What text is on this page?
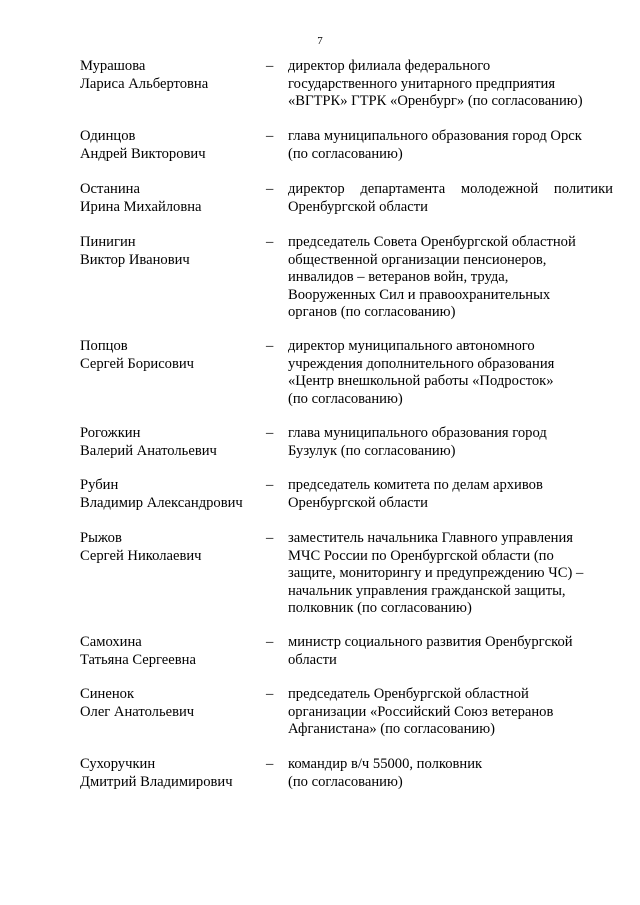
7
Мурашова
Лариса Альбертовна
– директор филиала федерального
государственного унитарного предприятия
«ВГТРК» ГТРК «Оренбург» (по согласованию)
Одинцов
Андрей Викторович
– глава муниципального образования город Орск
(по согласованию)
Останина
Ирина Михайловна
– директор департамента молодежной политики
Оренбургской области
Пинигин
Виктор Иванович
– председатель Совета Оренбургской областной
общественной организации пенсионеров,
инвалидов – ветеранов войн, труда,
Вооруженных Сил и правоохранительных
органов (по согласованию)
Попцов
Сергей Борисович
– директор муниципального автономного
учреждения дополнительного образования
«Центр внешкольной работы «Подросток»
(по согласованию)
Рогожкин
Валерий Анатольевич
– глава муниципального образования город
Бузулук (по согласованию)
Рубин
Владимир Александрович
– председатель комитета по делам архивов
Оренбургской области
Рыжов
Сергей Николаевич
– заместитель начальника Главного управления
МЧС России по Оренбургской области (по
защите, мониторингу и предупреждению ЧС) –
начальник управления гражданской защиты,
полковник (по согласованию)
Самохина
Татьяна Сергеевна
– министр социального развития Оренбургской
области
Синенок
Олег Анатольевич
– председатель Оренбургской областной
организации «Российский Союз ветеранов
Афганистана» (по согласованию)
Сухоручкин
Дмитрий Владимирович
– командир в/ч 55000, полковник
(по согласованию)
